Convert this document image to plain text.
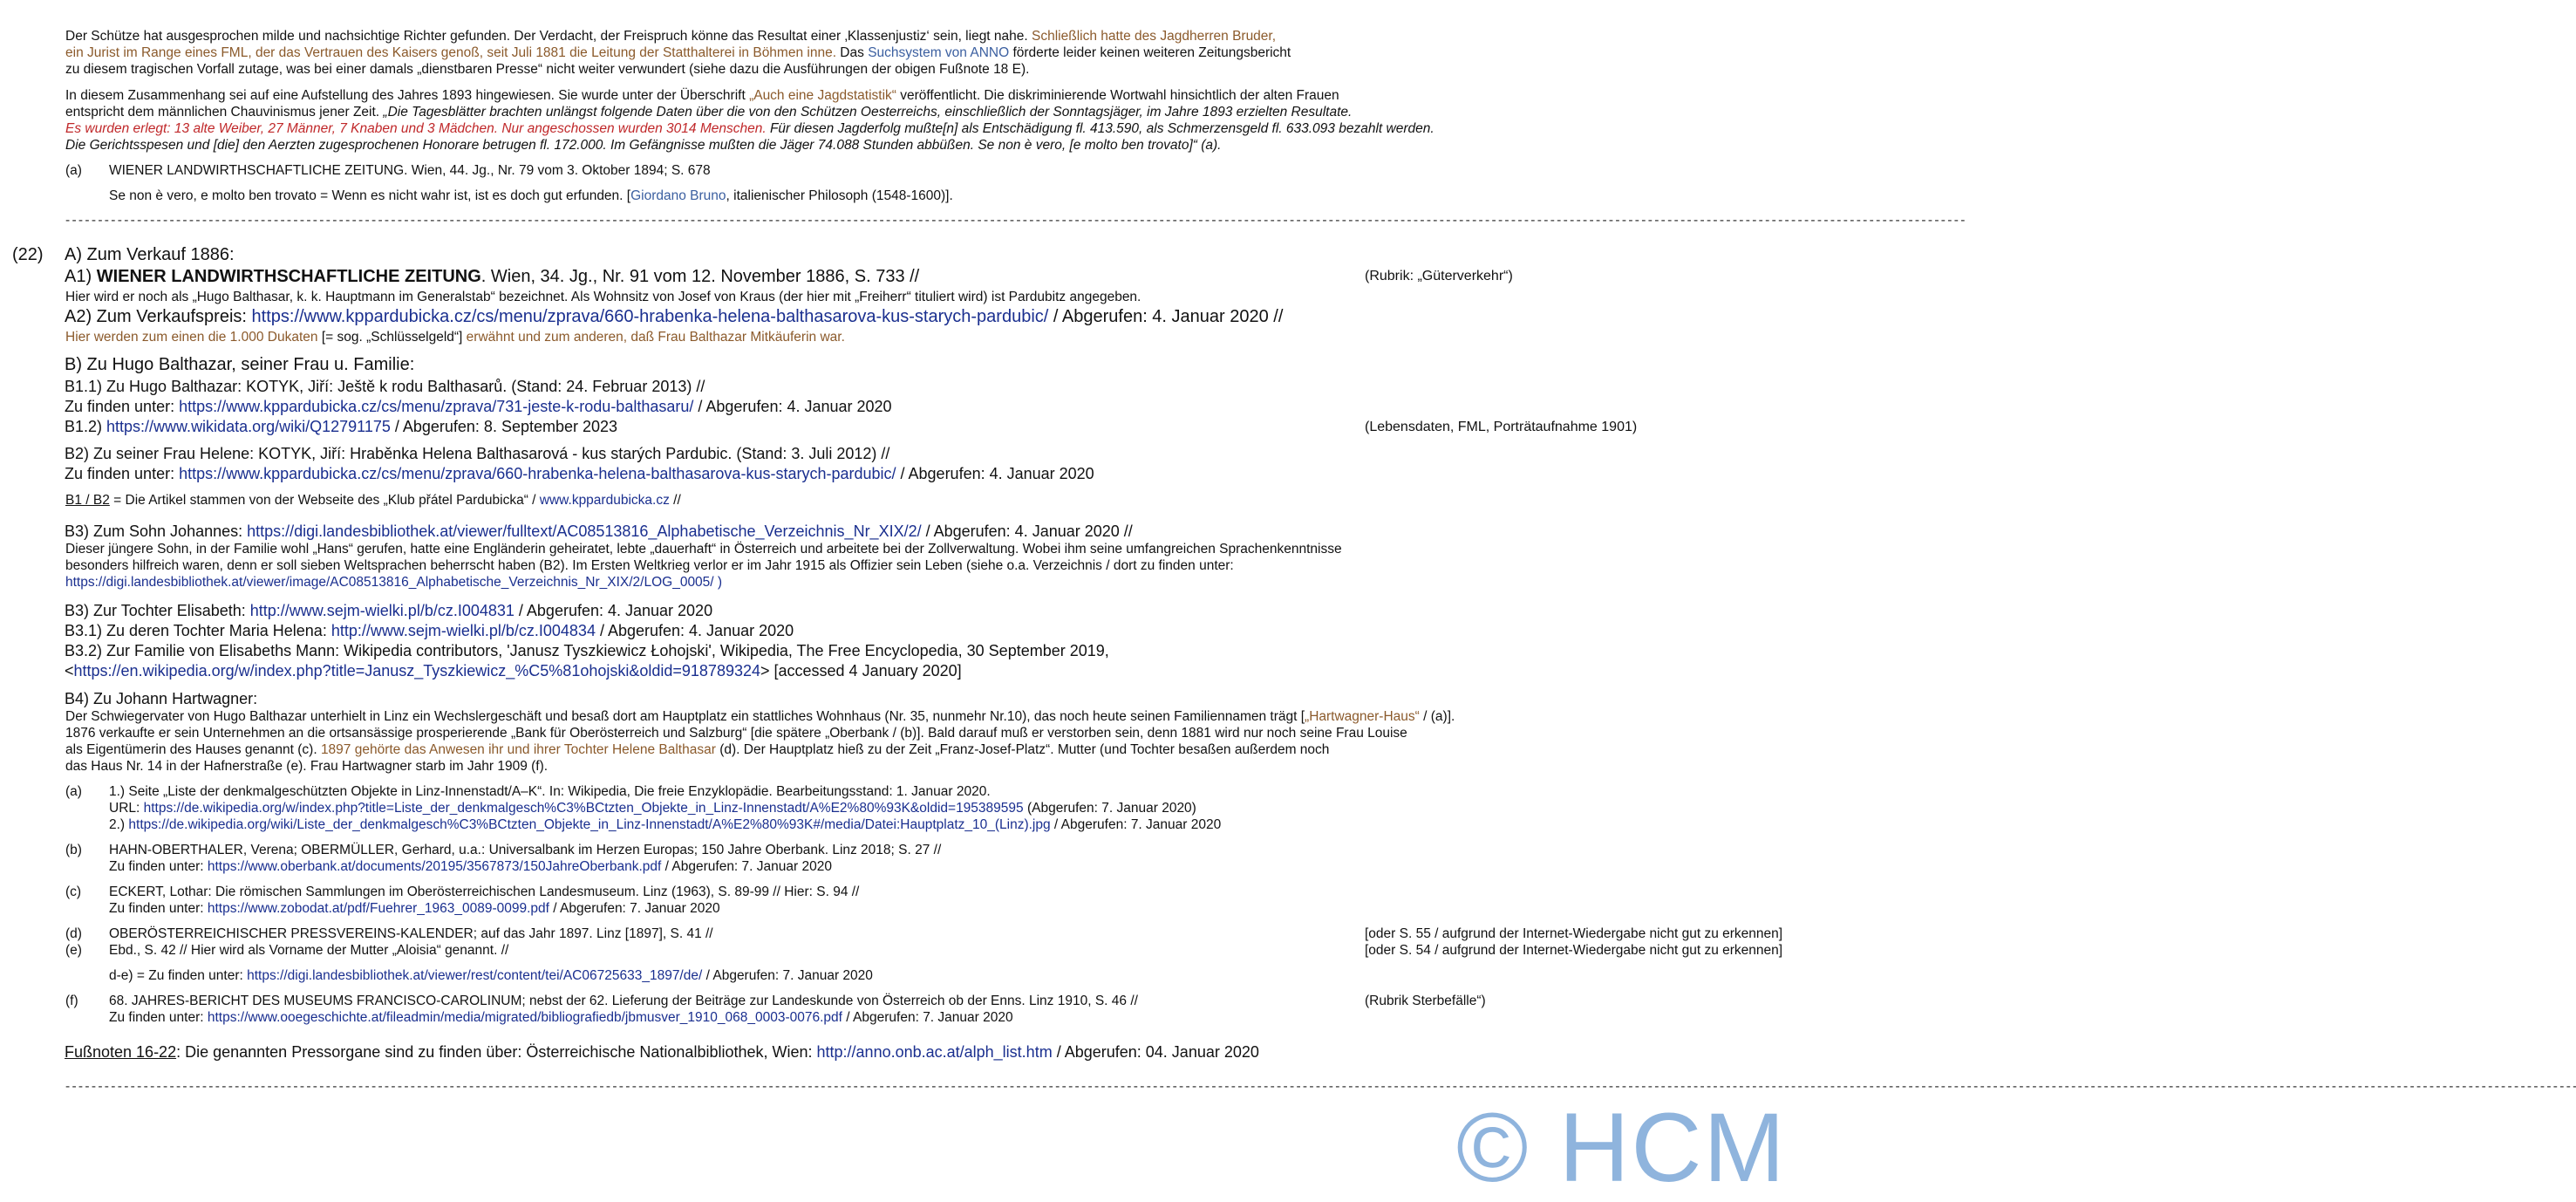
Der Schütze hat ausgesprochen milde und nachsichtige Richter gefunden. Der Verdacht, der Freispruch könne das Resultat einer ‚Klassenjustiz‘ sein, liegt nahe. Schließlich hatte des Jagdherren Bruder,
ein Jurist im Range eines FML, der das Vertrauen des Kaisers genoß, seit Juli 1881 die Leitung der Statthalterei in Böhmen inne. Das Suchsystem von ANNO förderte leider keinen weiteren Zeitungsbericht
zu diesem tragischen Vorfall zutage, was bei einer damals „dienstbaren Presse“ nicht weiter verwundert (siehe dazu die Ausführungen der obigen Fußnote 18 E).
In diesem Zusammenhang sei auf eine Aufstellung des Jahres 1893 hingewiesen. Sie wurde unter der Überschrift „Auch eine Jagdstatistik“ veröffentlicht. Die diskriminierende Wortwahl hinsichtlich der alten Frauen
entspricht dem männlichen Chauvinismus jener Zeit. „Die Tagesblätter brachten unlängst folgende Daten über die von den Schützen Oesterreichs, einschließlich der Sonntagsjäger, im Jahre 1893 erzielten Resultate.
Es wurden erlegt: 13 alte Weiber, 27 Männer, 7 Knaben und 3 Mädchen. Nur angeschossen wurden 3014 Menschen. Für diesen Jagderfolg mußte[n] als Entschädigung fl. 413.590, als Schmerzensgeld fl. 633.093 bezahlt werden.
Die Gerichtsspesen und [die] den Aerzten zugesprochenen Honorare betrugen fl. 172.000. Im Gefängnisse mußten die Jäger 74.088 Stunden abbüßen. Se non è vero, [e molto ben trovato]“ (a).
(a) WIENER LANDWIRTHSCHAFTLICHE ZEITUNG. Wien, 44. Jg., Nr. 79 vom 3. Oktober 1894; S. 678
Se non è vero, e molto ben trovato = Wenn es nicht wahr ist, ist es doch gut erfunden. [Giordano Bruno, italienischer Philosoph (1548-1600)].
- - - - - - - - - - - - - - - - - - - - - - - - - - - - - - - - - - - - - - - - - - - - - - - - - - - - - - - - - - - - - - - - - - - - - - - - - - - - - - - - - - - - - - - - - - - - - - - - - - - - - - - - - - - - - - - - - - - - - - - - - - - - - - - - - - - - - - - - - - - - - - - - - - - - - - - - - - - - - - - - - - - - - - - - - - - - - - - - - - - - - - - - - - - - - - - - - - - - - - - - - - - - - - - - - - - - - - - - - - - - - - - - - - - - - - - - - - - - - - - - - - - - - - - - - - - - - - - - - - - - - - - - - - - - - - - - - - - - - - - - - - - - - - - - - - - -
(22) A) Zum Verkauf 1886:
A1) WIENER LANDWIRTHSCHAFTLICHE ZEITUNG. Wien, 34. Jg., Nr. 91 vom 12. November 1886, S. 733 //	(Rubrik: „Güterverkehr“)
Hier wird er noch als „Hugo Balthasar, k. k. Hauptmann im Generalstab“ bezeichnet. Als Wohnsitz von Josef von Kraus (der hier mit „Freiherr“ tituliert wird) ist Pardubitz angegeben.
A2) Zum Verkaufspreis: https://www.kppardubicka.cz/cs/menu/zprava/660-hrabenka-helena-balthasarova-kus-starych-pardubic/ / Abgerufen: 4. Januar 2020 //
Hier werden zum einen die 1.000 Dukaten [= sog. „Schlüsselgeld“] erwähnt und zum anderen, daß Frau Balthazar Mitkäuferin war.
B) Zu Hugo Balthazar, seiner Frau u. Familie:
B1.1) Zu Hugo Balthazar: KOTYK, Jiří: Ještě k rodu Balthasarů. (Stand: 24. Februar 2013) //
Zu finden unter: https://www.kppardubicka.cz/cs/menu/zprava/731-jeste-k-rodu-balthasaru/ / Abgerufen: 4. Januar 2020
B1.2) https://www.wikidata.org/wiki/Q12791175 / Abgerufen: 8. September 2023	(Lebensdaten, FML, Porträtaufnahme 1901)
B2) Zu seiner Frau Helene: KOTYK, Jiří: Hraběnka Helena Balthasarová - kus starých Pardubic. (Stand: 3. Juli 2012) //
Zu finden unter: https://www.kppardubicka.cz/cs/menu/zprava/660-hrabenka-helena-balthasarova-kus-starych-pardubic/ / Abgerufen: 4. Januar 2020
B1 / B2 = Die Artikel stammen von der Webseite des „Klub přátel Pardubicka“ / www.kppardubicka.cz //
B3) Zum Sohn Johannes: https://digi.landesbibliothek.at/viewer/fulltext/AC08513816_Alphabetische_Verzeichnis_Nr_XIX/2/ / Abgerufen: 4. Januar 2020 //
Dieser jüngere Sohn, in der Familie wohl „Hans“ gerufen, hatte eine Engländerin geheiratet, lebte „dauerhaft“ in Österreich und arbeitete bei der Zollverwaltung. Wobei ihm seine umfangreichen Sprachenkenntnisse
besonders hilfreich waren, denn er soll sieben Weltsprachen beherrscht haben (B2). Im Ersten Weltkrieg verlor er im Jahr 1915 als Offizier sein Leben (siehe o.a. Verzeichnis / dort zu finden unter:
https://digi.landesbibliothek.at/viewer/image/AC08513816_Alphabetische_Verzeichnis_Nr_XIX/2/LOG_0005/ )
B3) Zur Tochter Elisabeth: http://www.sejm-wielki.pl/b/cz.I004831 / Abgerufen: 4. Januar 2020
B3.1) Zu deren Tochter Maria Helena: http://www.sejm-wielki.pl/b/cz.I004834 / Abgerufen: 4. Januar 2020
B3.2) Zur Familie von Elisabeths Mann: Wikipedia contributors, 'Janusz Tyszkiewicz Łohojski', Wikipedia, The Free Encyclopedia, 30 September 2019,
<https://en.wikipedia.org/w/index.php?title=Janusz_Tyszkiewicz_%C5%81ohojski&oldid=918789324> [accessed 4 January 2020]
B4) Zu Johann Hartwagner:
Der Schwiegervater von Hugo Balthazar unterhielt in Linz ein Wechslergeschäft und besaß dort am Hauptplatz ein stattliches Wohnhaus (Nr. 35, nunmehr Nr.10), das noch heute seinen Familiennamen trägt [„Hartwagner-Haus“ / (a)].
1876 verkaufte er sein Unternehmen an die ortsansässige prosperierende „Bank für Oberösterreich und Salzburg“ [die spätere „Oberbank / (b)]. Bald darauf muß er verstorben sein, denn 1881 wird nur noch seine Frau Louise
als Eigentümerin des Hauses genannt (c). 1897 gehörte das Anwesen ihr und ihrer Tochter Helene Balthasar (d). Der Hauptplatz hieß zu der Zeit „Franz-Josef-Platz“. Mutter (und Tochter besaßen außerdem noch
das Haus Nr. 14 in der Hafnerstraße (e). Frau Hartwagner starb im Jahr 1909 (f).
(a) 1.) Seite „Liste der denkmalgeschützten Objekte in Linz-Innenstadt/A–K“. In: Wikipedia, Die freie Enzyklopädie. Bearbeitungsstand: 1. Januar 2020.
URL: https://de.wikipedia.org/w/index.php?title=Liste_der_denkmalgesch%C3%BCtzten_Objekte_in_Linz-Innenstadt/A%E2%80%93K&oldid=195389595 (Abgerufen: 7. Januar 2020)
2.) https://de.wikipedia.org/wiki/Liste_der_denkmalgesch%C3%BCtzten_Objekte_in_Linz-Innenstadt/A%E2%80%93K#/media/Datei:Hauptplatz_10_(Linz).jpg / Abgerufen: 7. Januar 2020
(b) HAHN-OBERTHALER, Verena; OBERMÜLLER, Gerhard, u.a.: Universalbank im Herzen Europas; 150 Jahre Oberbank. Linz 2018; S. 27 //
Zu finden unter: https://www.oberbank.at/documents/20195/3567873/150JahreOberbank.pdf / Abgerufen: 7. Januar 2020
(c) ECKERT, Lothar: Die römischen Sammlungen im Oberösterreichischen Landesmuseum. Linz (1963), S. 89-99 // Hier: S. 94 //
Zu finden unter: https://www.zobodat.at/pdf/Fuehrer_1963_0089-0099.pdf / Abgerufen: 7. Januar 2020
(d) OBERÖSTERREICHISCHER PRESSVEREINS-KALENDER; auf das Jahr 1897. Linz [1897], S. 41 //	[oder S. 55 / aufgrund der Internet-Wiedergabe nicht gut zu erkennen]
(e) Ebd., S. 42 // Hier wird als Vorname der Mutter „Aloisia“ genannt. //	[oder S. 54 / aufgrund der Internet-Wiedergabe nicht gut zu erkennen]
d-e) = Zu finden unter: https://digi.landesbibliothek.at/viewer/rest/content/tei/AC06725633_1897/de/ / Abgerufen: 7. Januar 2020
(f) 68. JAHRES-BERICHT DES MUSEUMS FRANCISCO-CAROLINUM; nebst der 62. Lieferung der Beiträge zur Landeskunde von Österreich ob der Enns. Linz 1910, S. 46 //	(Rubrik Sterbefälle“)
Zu finden unter: https://www.ooegeschichte.at/fileadmin/media/migrated/bibliografiedb/jbmusver_1910_068_0003-0076.pdf / Abgerufen: 7. Januar 2020
Fußnoten 16-22: Die genannten Pressorgane sind zu finden über: Österreichische Nationalbibliothek, Wien: http://anno.onb.ac.at/alph_list.htm / Abgerufen: 04. Januar 2020
- - - - - - - - - - - - - - - - - - - - - - - - - - - - - - - - - - - - - - - - - - - - - - - - - - - - - - - - - - - - - - - - - - - - - - - - - - - - - - - - - - - - - - - - - - - - - - - - - - - - - - - - - - - - - - - - - - - - - - - - - - - - - - - - - - - - - - - - - - - - - - - - - - - - - - - - - - - - - - - - - - - - - - - - - - - - - - - - - - - - - - - - - - - - - - - - - - - - - - - - - - - - - - - - - - - - - - - - - - - - - - - - - - - - - - - - - - - - - - - - - - - - - - - - - - - - - - - - - - - - - - - - - - - - - - - - - - - - - - - - - - - - - - - - - - - - - - - - - - - - - - - - - - - - - - - - - - - - - - - - - - - - - - - - - - - - - - - - - - - - - - - - - - - - - - - - - - - - - - - - - - - - - - - - - - - - - - - - - - - - - - - - - -
© HCM
